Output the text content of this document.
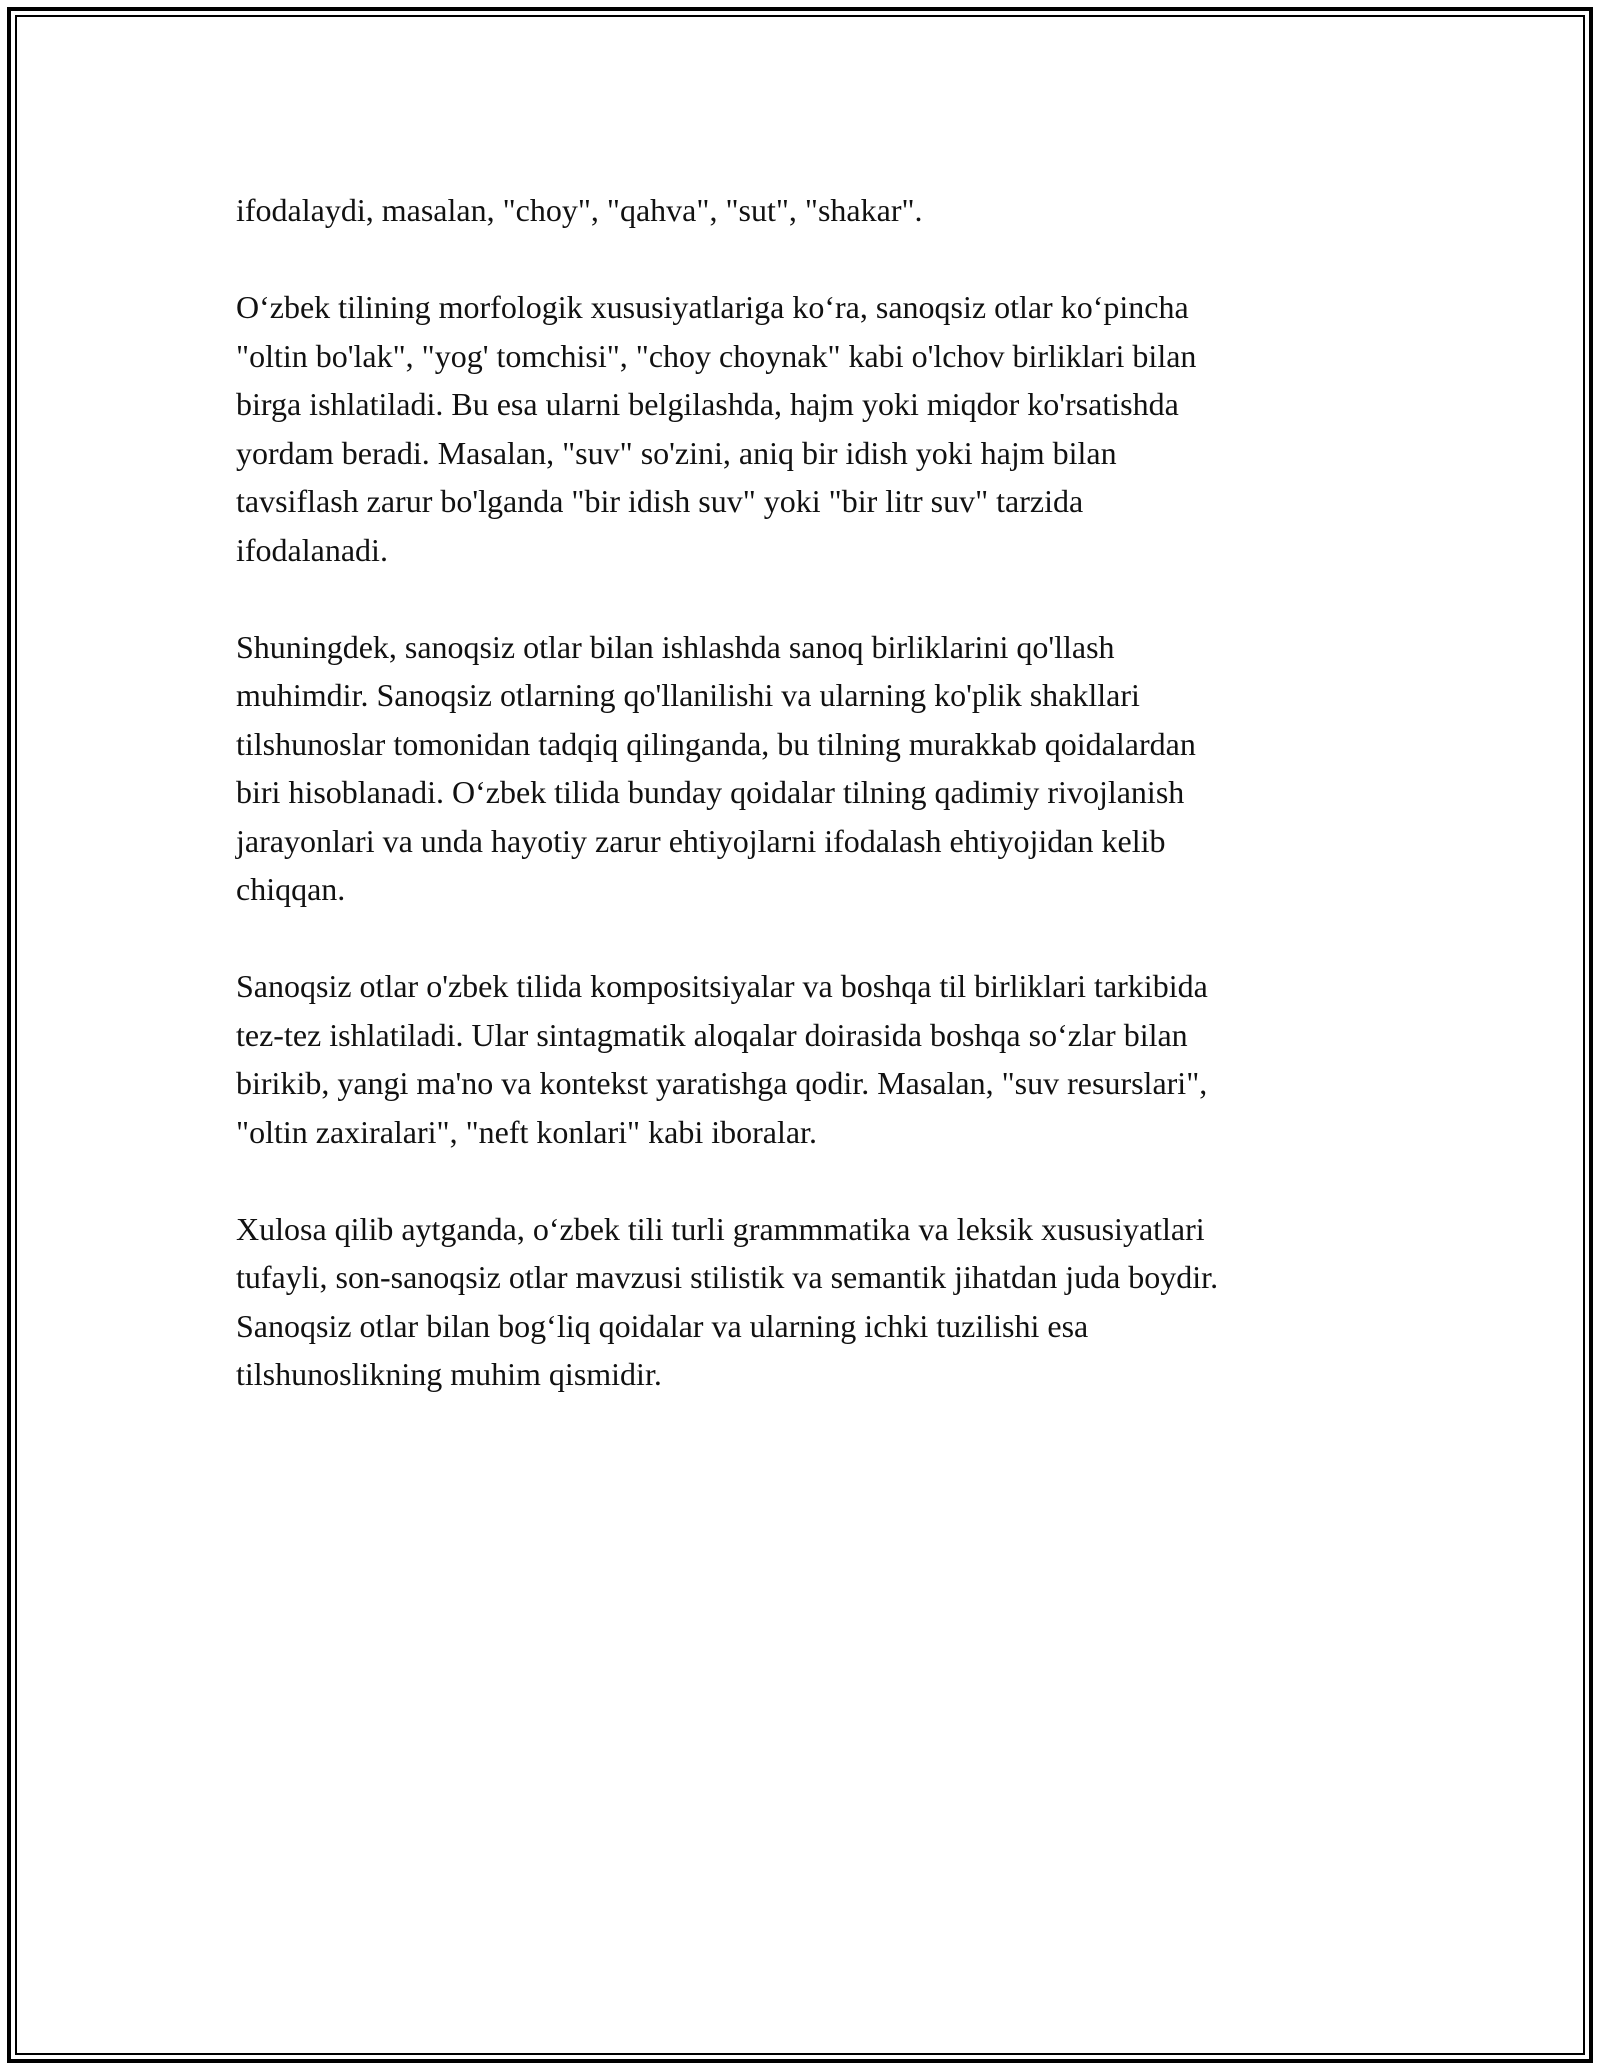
ifodalaydi, masalan, "choy", "qahva", "sut", "shakar".

O‘zbek tilining morfologik xususiyatlariga ko‘ra, sanoqsiz otlar ko‘pincha
"oltin bo'lak", "yog' tomchisi", "choy choynak" kabi o'lchov birliklari bilan
birga ishlatiladi. Bu esa ularni belgilashda, hajm yoki miqdor ko'rsatishda
yordam beradi. Masalan, "suv" so'zini, aniq bir idish yoki hajm bilan
tavsiflash zarur bo'lganda "bir idish suv" yoki "bir litr suv" tarzida
ifodalanadi.

Shuningdek, sanoqsiz otlar bilan ishlashda sanoq birliklarini qo'llash
muhimdir. Sanoqsiz otlarning qo'llanilishi va ularning ko'plik shakllari
tilshunoslar tomonidan tadqiq qilinganda, bu tilning murakkab qoidalardan
biri hisoblanadi. O‘zbek tilida bunday qoidalar tilning qadimiy rivojlanish
jarayonlari va unda hayotiy zarur ehtiyojlarni ifodalash ehtiyojidan kelib
chiqqan.

Sanoqsiz otlar o'zbek tilida kompositsiyalar va boshqa til birliklari tarkibida
tez-tez ishlatiladi. Ular sintagmatik aloqalar doirasida boshqa so‘zlar bilan
birikib, yangi ma'no va kontekst yaratishga qodir. Masalan, "suv resurslari",
"oltin zaxiralari", "neft konlari" kabi iboralar.

Xulosa qilib aytganda, o‘zbek tili turli grammmatika va leksik xususiyatlari
tufayli, son-sanoqsiz otlar mavzusi stilistik va semantik jihatdan juda boydir.
Sanoqsiz otlar bilan bog‘liq qoidalar va ularning ichki tuzilishi esa
tilshunoslikning muhim qismidir.
